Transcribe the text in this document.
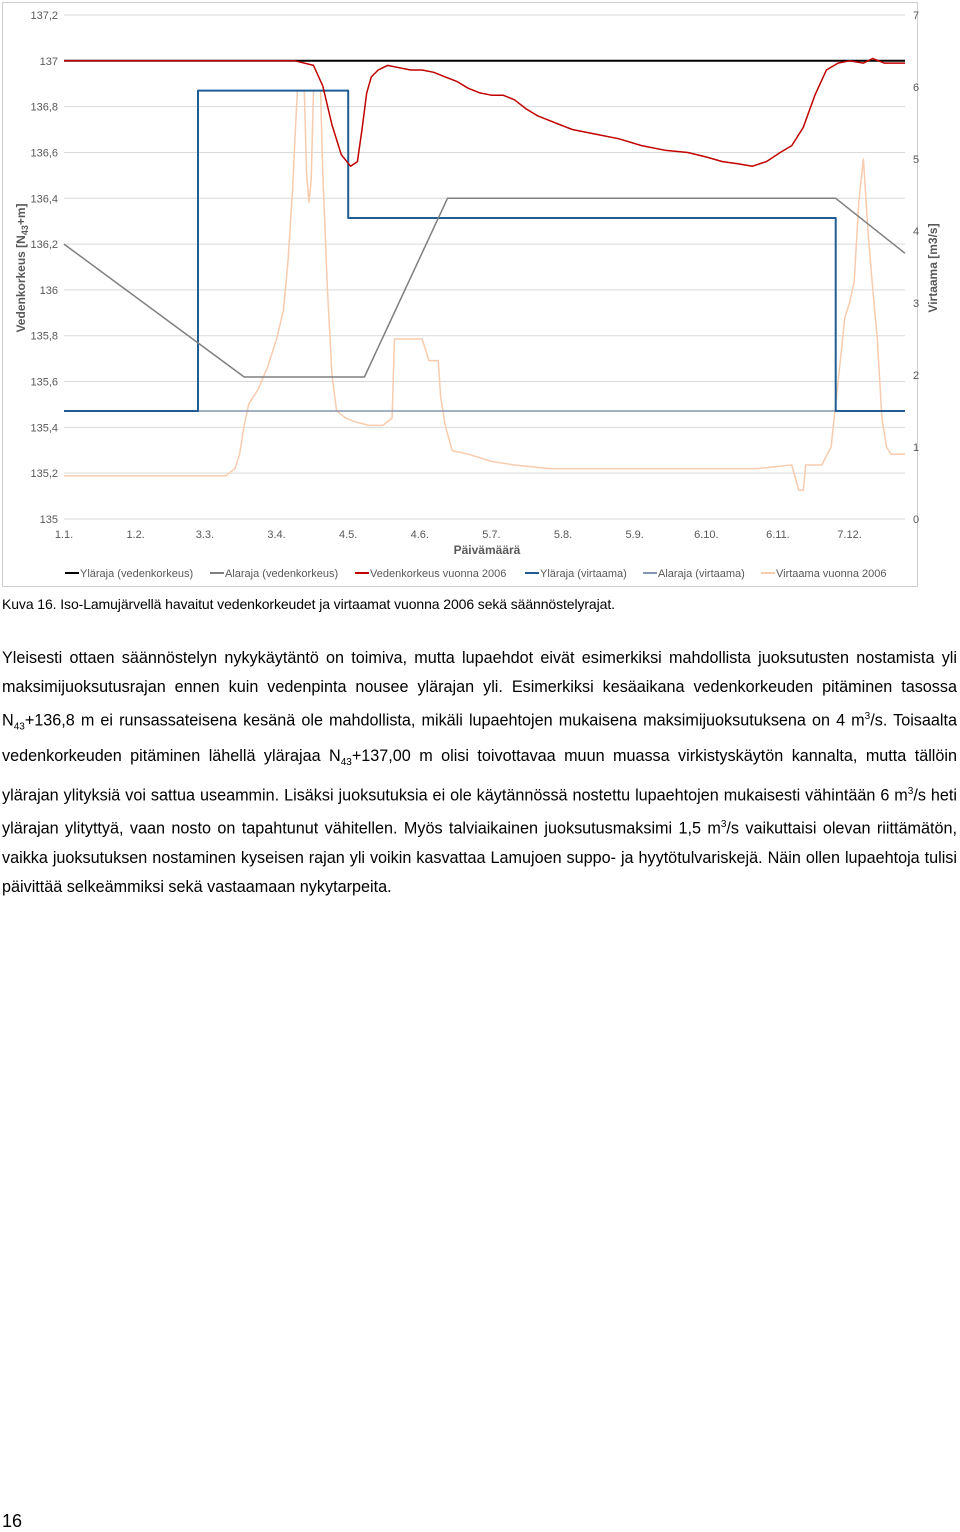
135
135,2
135,4
135,6
135,8
136
136,2
136,4
136,6
136,8
137
137,2
0
1
2
3
4
5
6
7
1.1.	1.2.	3.3.	3.4.	4.5.	4.6.	5.7.	5.8.	5.9.	6.10.	6.11.	7.12.
Päivämäärä
Vedenkorkeus $[N_{43}+m]$
Virtaama [m3/s]
Yläraja (vedenkorkeus)	Alaraja (vedenkorkeus)	Vedenkorkeus vuonna 2006	Yläraja (virtaama)	Alaraja (virtaama)	Virtaama vuonna 2006
Kuva 16. Iso-Lamujärvellä havaitut vedenkorkeudet ja virtaamat vuonna 2006 sekä säännöstelyrajat.

Yleisesti ottaen säännöstelyn nykykäytäntö on toimiva, mutta lupaehdot eivät esimerkiksi mahdollista juoksutusten nostamista yli maksimijuoksutusrajan ennen kuin vedenpinta nousee ylärajan yli. Esimerkiksi kesäaikana vedenkorkeuden pitäminen tasossa $N_{43}+136,8$ m ei runsassateisena kesänä ole mahdollista, mikäli lupaehtojen mukaisena maksimijuoksutuksena on 4 $m^3/s$. Toisaalta vedenkorkeuden pitäminen lähellä ylärajaa $N_{43}+137,00$ m olisi toivottavaa muun muassa virkistyskäytön kannalta, mutta tällöin ylärajan ylityksiä voi sattua useammin. Lisäksi juoksutuksia ei ole käytännössä nostettu lupaehtojen mukaisesti vähintään 6 $m^3/s$ heti ylärajan ylityttyä, vaan nosto on tapahtunut vähitellen. Myös talviaikainen juoksutusmaksimi 1,5 $m^3/s$ vaikuttaisi olevan riittämätön, vaikka juoksutuksen nostaminen kyseisen rajan yli voikin kasvattaa Lamujoen suppo- ja hyytötulvariskejä. Näin ollen lupaehtoja tulisi päivittää selkeämmiksi sekä vastaamaan nykytarpeita.

16
